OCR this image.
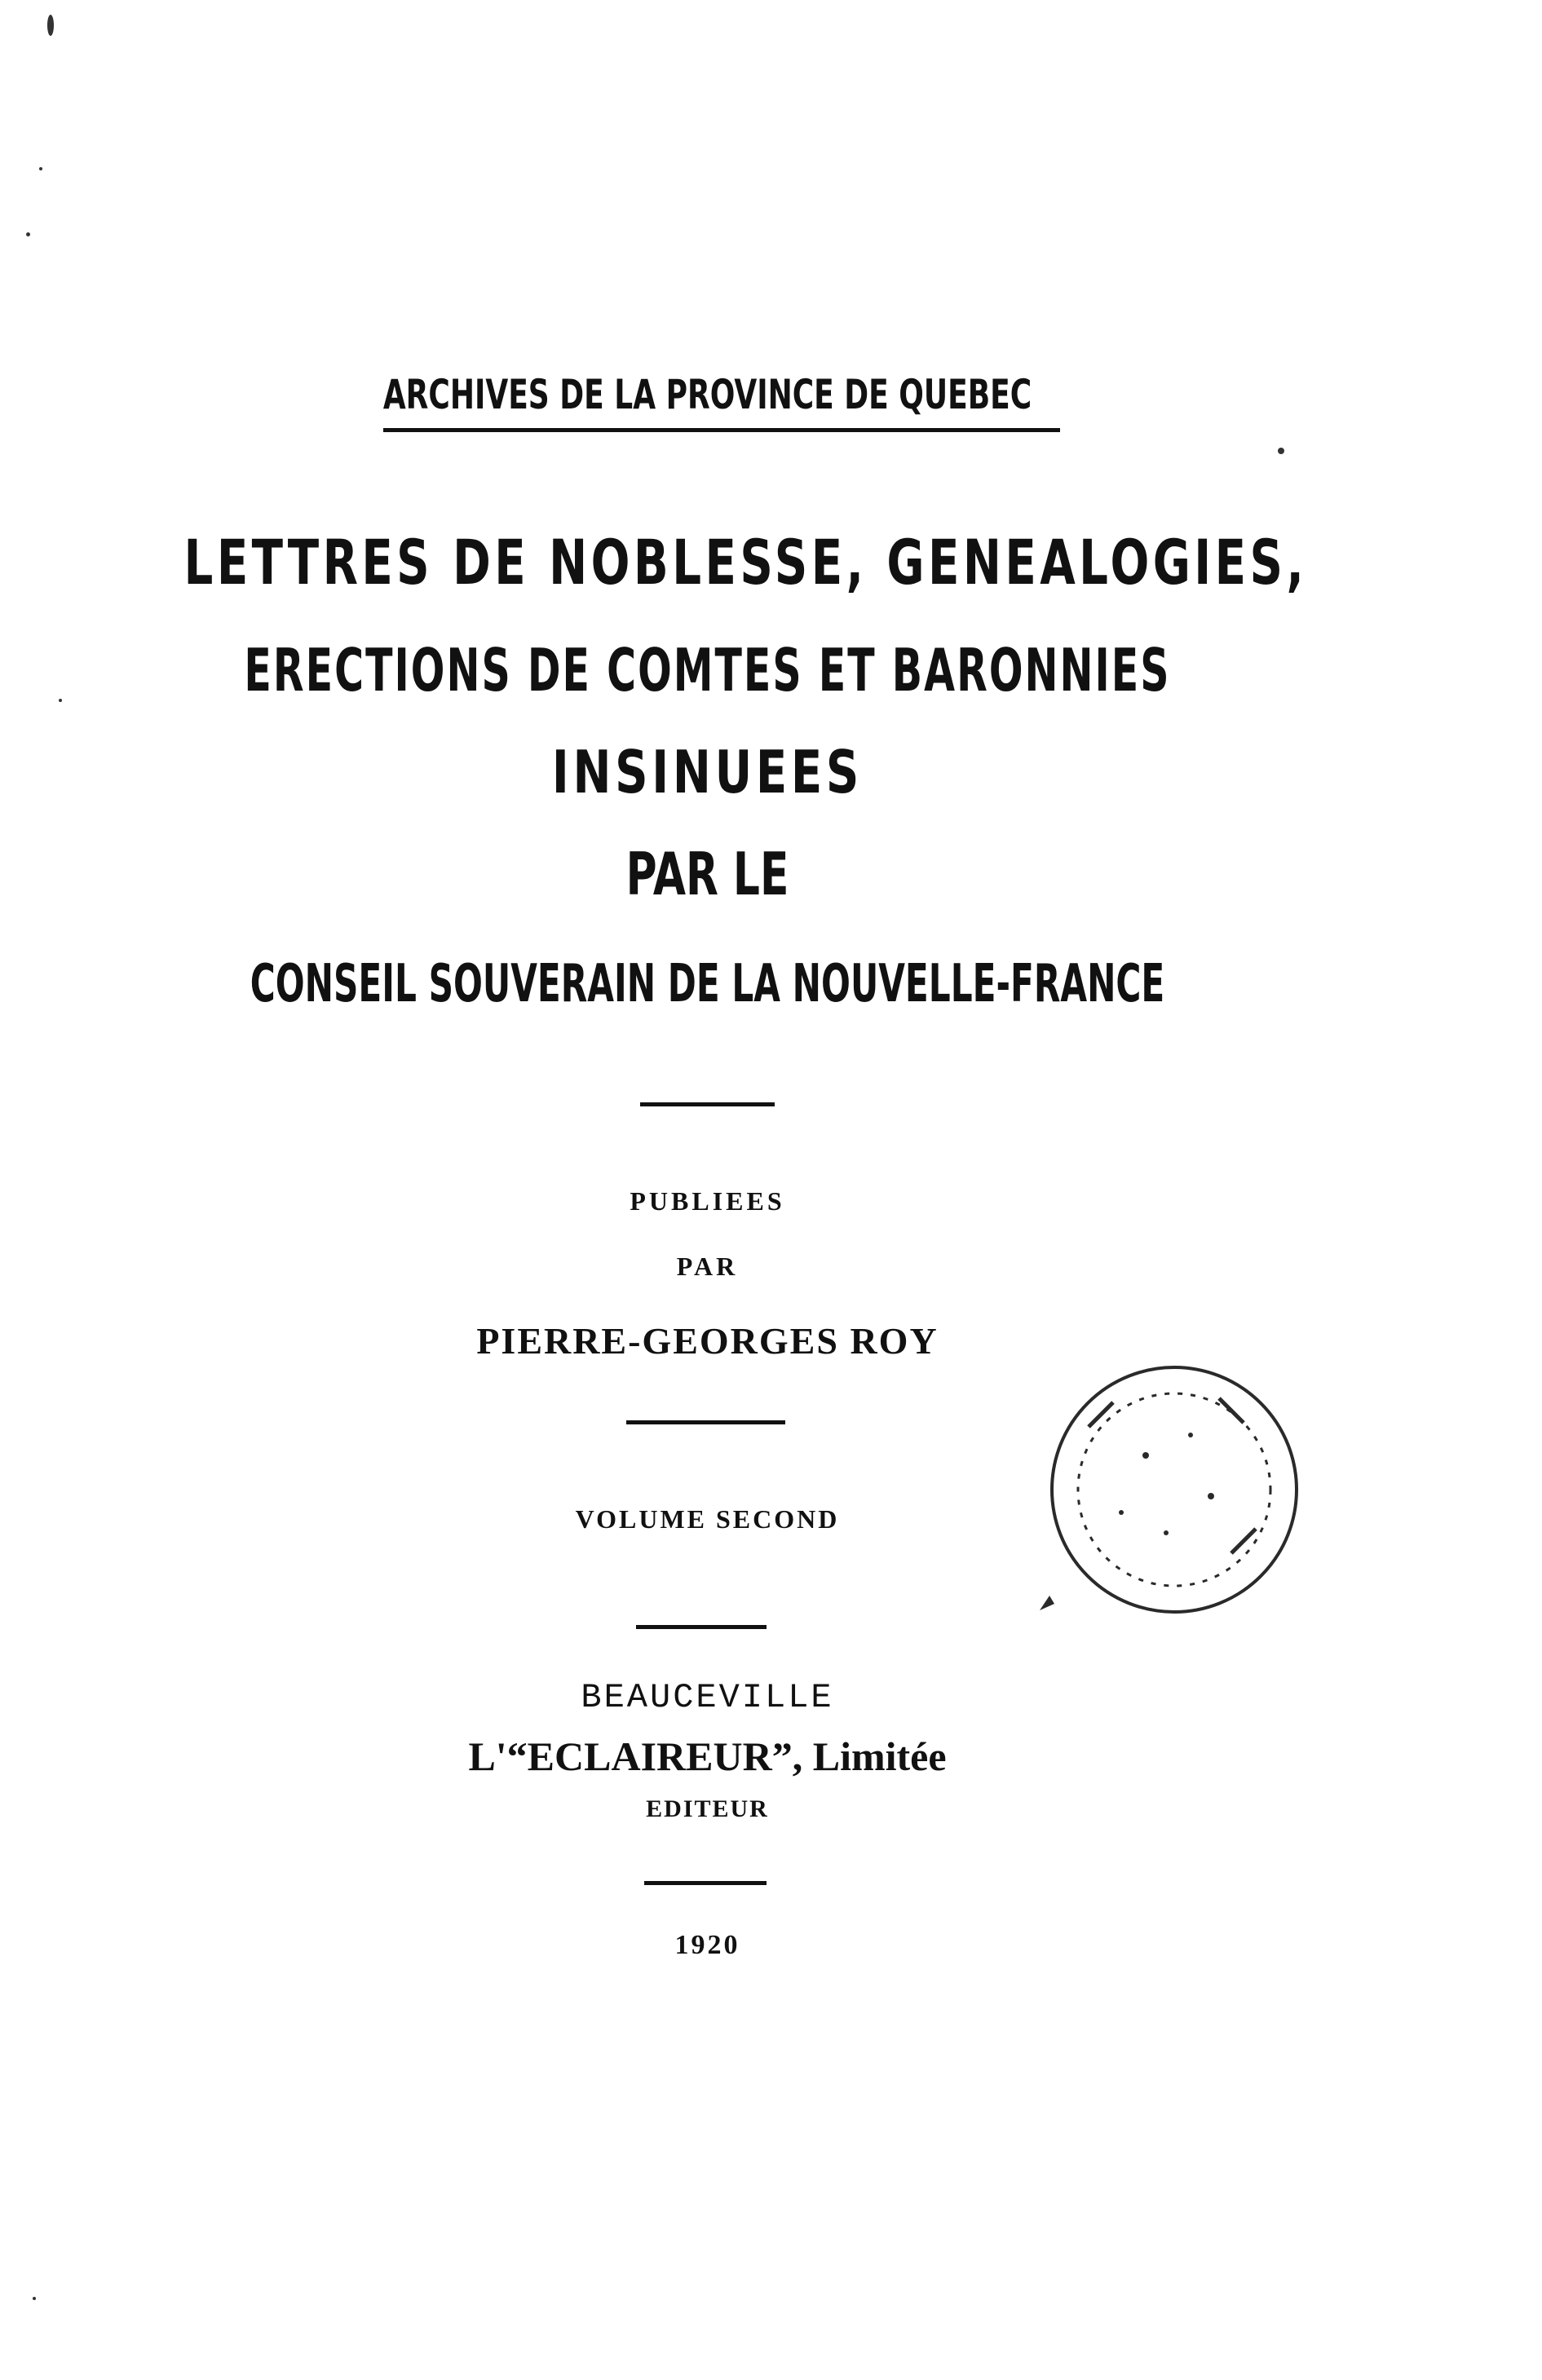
ARCHIVES DE LA PROVINCE DE QUEBEC
LETTRES DE NOBLESSE, GENEALOGIES,
ERECTIONS DE COMTES ET BARONNIES
INSINUEES
PAR LE
CONSEIL SOUVERAIN DE LA NOUVELLE-FRANCE
PUBLIEES
PAR
PIERRE-GEORGES ROY
VOLUME SECOND
BEAUCEVILLE
L'“ECLAIREUR”, Limitée
EDITEUR
1920
